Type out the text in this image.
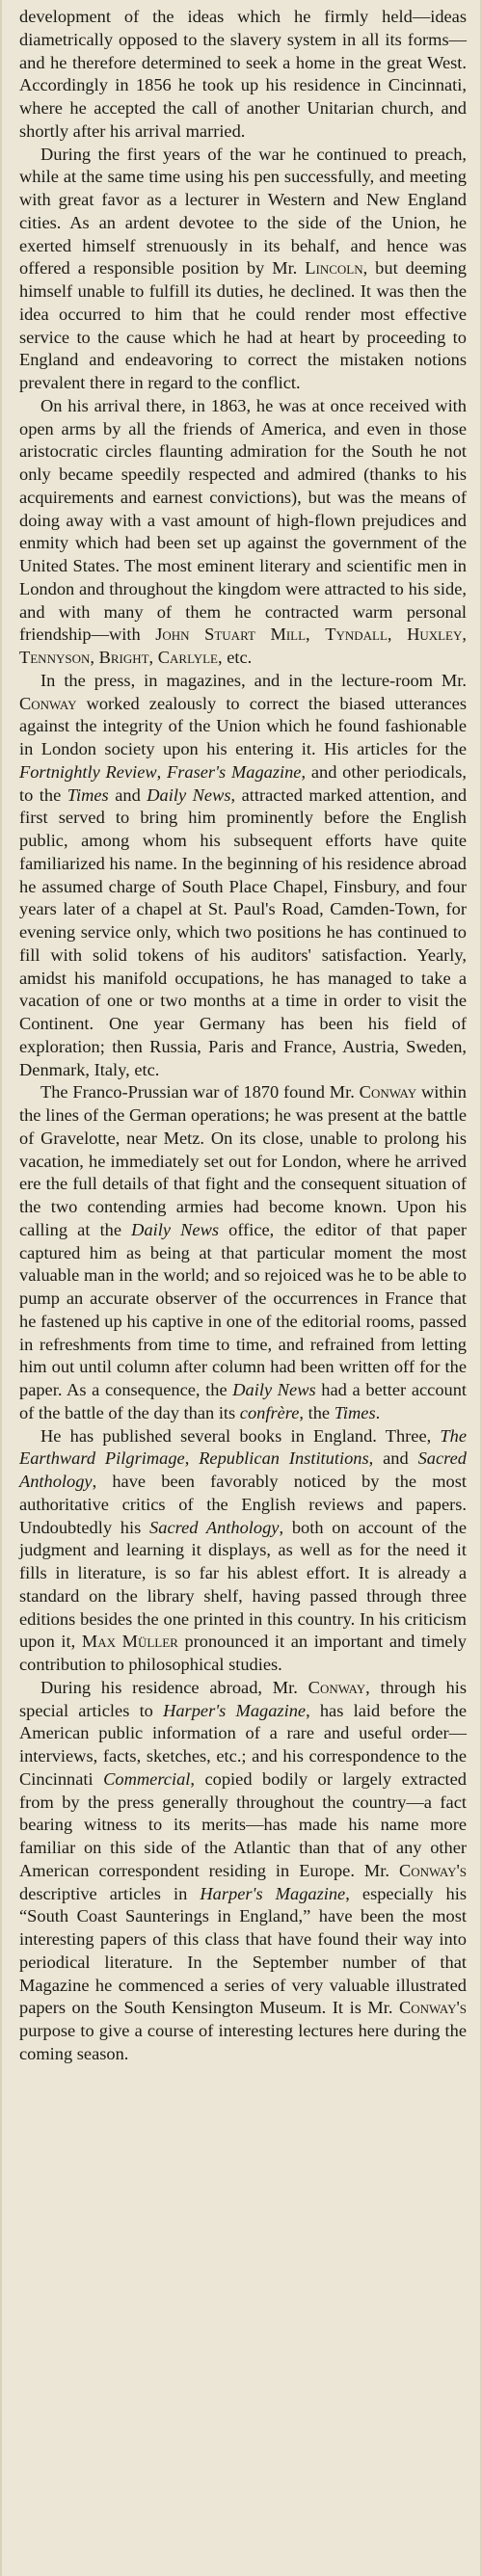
development of the ideas which he firmly held—ideas diametrically opposed to the slavery system in all its forms—and he therefore determined to seek a home in the great West. Accordingly in 1856 he took up his residence in Cincinnati, where he accepted the call of another Unitarian church, and shortly after his arrival married.

During the first years of the war he continued to preach, while at the same time using his pen successfully, and meeting with great favor as a lecturer in Western and New England cities. As an ardent devotee to the side of the Union, he exerted himself strenuously in its behalf, and hence was offered a responsible position by Mr. Lincoln, but deeming himself unable to fulfill its duties, he declined. It was then the idea occurred to him that he could render most effective service to the cause which he had at heart by proceeding to England and endeavoring to correct the mistaken notions prevalent there in regard to the conflict.

On his arrival there, in 1863, he was at once received with open arms by all the friends of America, and even in those aristocratic circles flaunting admiration for the South he not only became speedily respected and admired (thanks to his acquirements and earnest convictions), but was the means of doing away with a vast amount of high-flown prejudices and enmity which had been set up against the government of the United States. The most eminent literary and scientific men in London and throughout the kingdom were attracted to his side, and with many of them he contracted warm personal friendship—with John Stuart Mill, Tyndall, Huxley, Tennyson, Bright, Carlyle, etc.

In the press, in magazines, and in the lecture-room Mr. Conway worked zealously to correct the biased utterances against the integrity of the Union which he found fashionable in London society upon his entering it. His articles for the Fortnightly Review, Fraser's Magazine, and other periodicals, to the Times and Daily News, attracted marked attention, and first served to bring him prominently before the English public, among whom his subsequent efforts have quite familiarized his name. In the beginning of his residence abroad he assumed charge of South Place Chapel, Finsbury, and four years later of a chapel at St. Paul's Road, Camden-Town, for evening service only, which two positions he has continued to fill with solid tokens of his auditors' satisfaction. Yearly, amidst his manifold occupations, he has managed to take a vacation of one or two months at a time in order to visit the Continent. One year Germany has been his field of exploration; then Russia, Paris and France, Austria, Sweden, Denmark, Italy, etc.

The Franco-Prussian war of 1870 found Mr. Conway within the lines of the German operations; he was present at the battle of Gravelotte, near Metz. On its close, unable to prolong his vacation, he immediately set out for London, where he arrived ere the full details of that fight and the consequent situation of the two contending armies had become known. Upon his calling at the Daily News office, the editor of that paper captured him as being at that particular moment the most valuable man in the world; and so rejoiced was he to be able to pump an accurate observer of the occurrences in France that he fastened up his captive in one of the editorial rooms, passed in refreshments from time to time, and refrained from letting him out until column after column had been written off for the paper. As a consequence, the Daily News had a better account of the battle of the day than its confrère, the Times.

He has published several books in England. Three, The Earthward Pilgrimage, Republican Institutions, and Sacred Anthology, have been favorably noticed by the most authoritative critics of the English reviews and papers. Undoubtedly his Sacred Anthology, both on account of the judgment and learning it displays, as well as for the need it fills in literature, is so far his ablest effort. It is already a standard on the library shelf, having passed through three editions besides the one printed in this country. In his criticism upon it, Max Müller pronounced it an important and timely contribution to philosophical studies.

During his residence abroad, Mr. Conway, through his special articles to Harper's Magazine, has laid before the American public information of a rare and useful order—interviews, facts, sketches, etc.; and his correspondence to the Cincinnati Commercial, copied bodily or largely extracted from by the press generally throughout the country—a fact bearing witness to its merits—has made his name more familiar on this side of the Atlantic than that of any other American correspondent residing in Europe. Mr. Conway's descriptive articles in Harper's Magazine, especially his “South Coast Saunterings in England,” have been the most interesting papers of this class that have found their way into periodical literature. In the September number of that Magazine he commenced a series of very valuable illustrated papers on the South Kensington Museum. It is Mr. Conway's purpose to give a course of interesting lectures here during the coming season.
